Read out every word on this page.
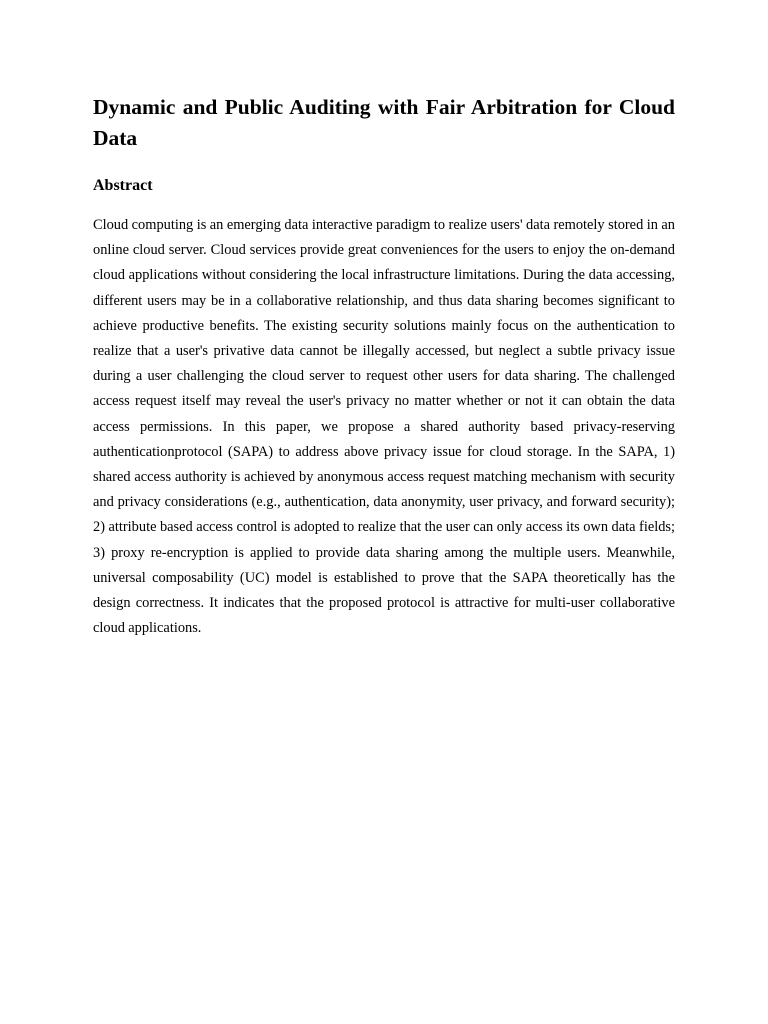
Dynamic and Public Auditing with Fair Arbitration for Cloud Data
Abstract

Cloud computing is an emerging data interactive paradigm to realize users' data remotely stored in an online cloud server. Cloud services provide great conveniences for the users to enjoy the on-demand cloud applications without considering the local infrastructure limitations. During the data accessing, different users may be in a collaborative relationship, and thus data sharing becomes significant to achieve productive benefits. The existing security solutions mainly focus on the authentication to realize that a user's privative data cannot be illegally accessed, but neglect a subtle privacy issue during a user challenging the cloud server to request other users for data sharing. The challenged access request itself may reveal the user's privacy no matter whether or not it can obtain the data access permissions. In this paper, we propose a shared authority based privacy-reserving authenticationprotocol (SAPA) to address above privacy issue for cloud storage. In the SAPA, 1) shared access authority is achieved by anonymous access request matching mechanism with security and privacy considerations (e.g., authentication, data anonymity, user privacy, and forward security); 2) attribute based access control is adopted to realize that the user can only access its own data fields; 3) proxy re-encryption is applied to provide data sharing among the multiple users. Meanwhile, universal composability (UC) model is established to prove that the SAPA theoretically has the design correctness. It indicates that the proposed protocol is attractive for multi-user collaborative cloud applications.
